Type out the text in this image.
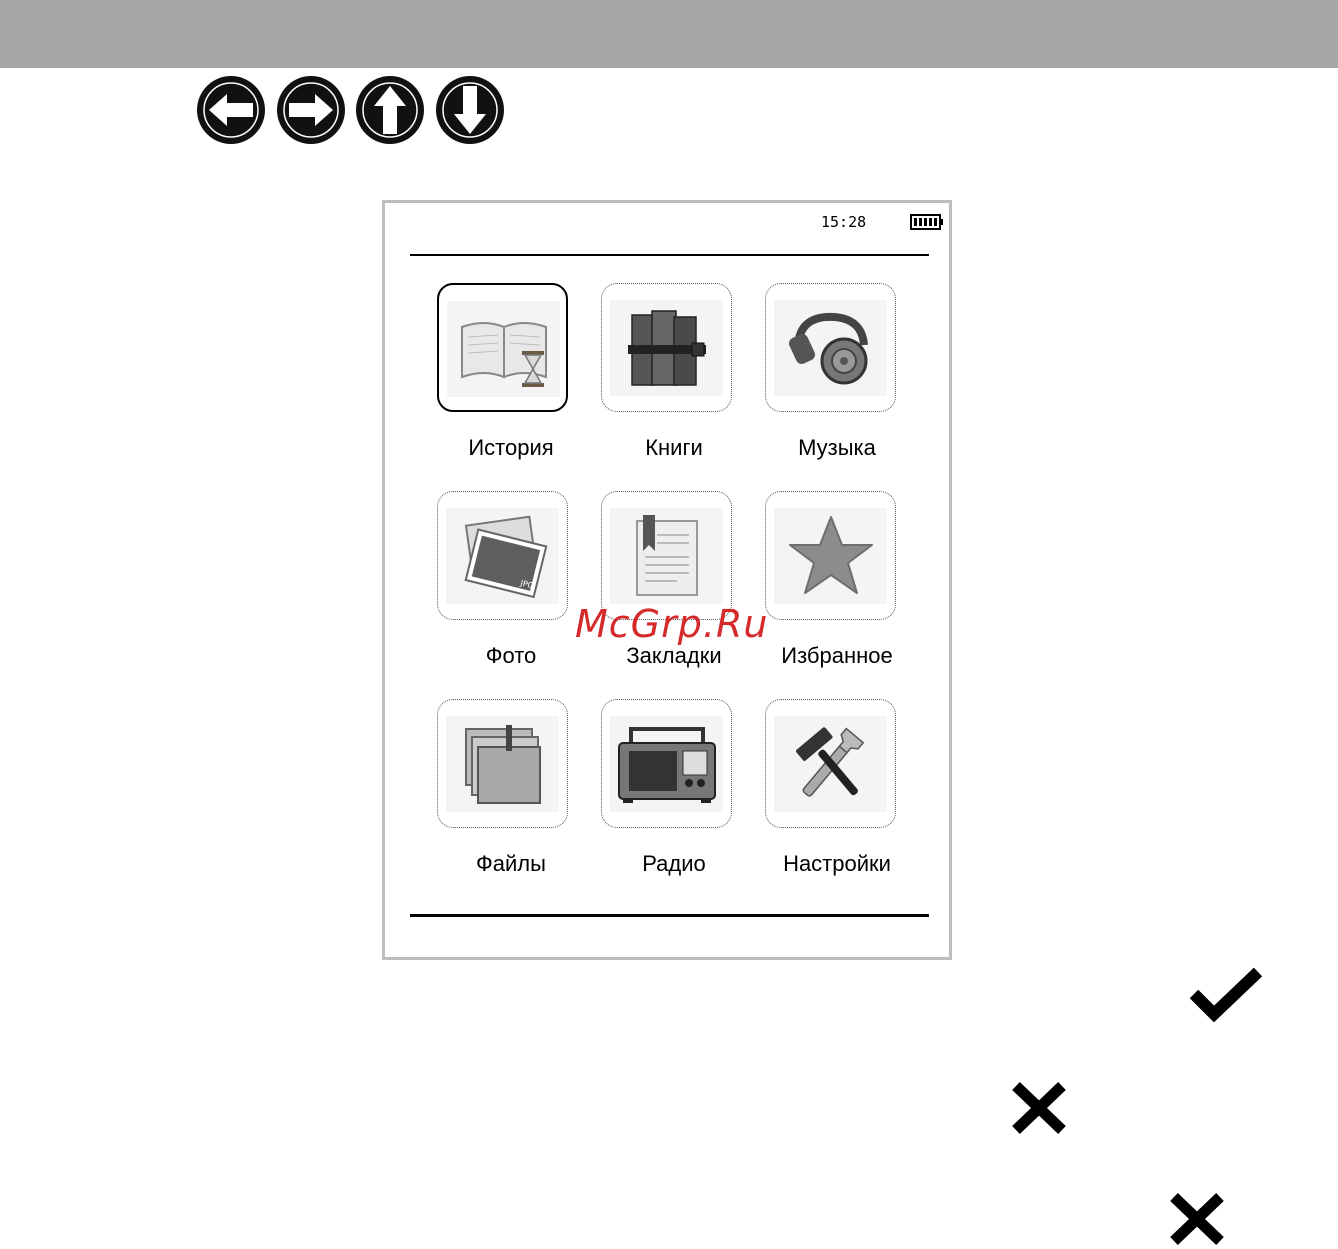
15:28
История	Книги	Музыка
JPG
Фото	Закладки	Избранное
Файлы	Радио	Настройки
McGrp.Ru
